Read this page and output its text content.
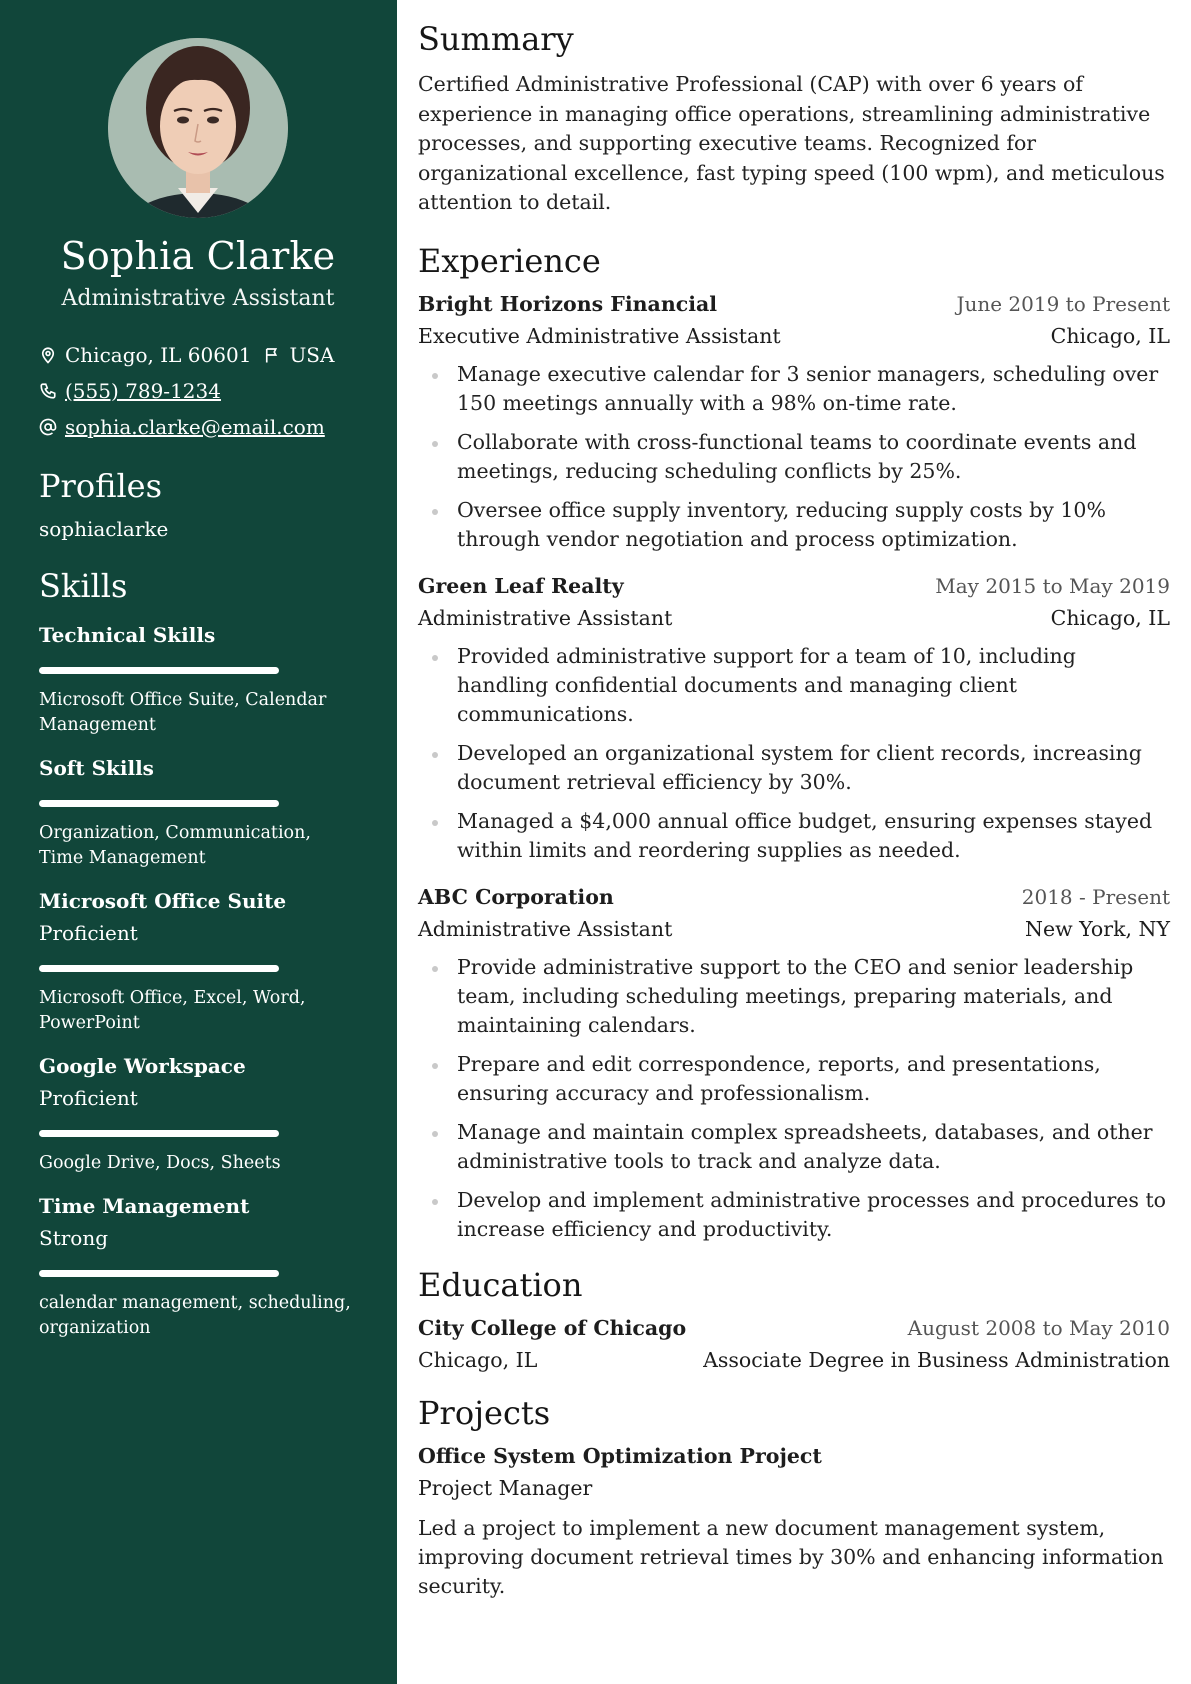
Sophia Clarke
Administrative Assistant
Chicago, IL 60601 USA
(555) 789-1234
sophia.clarke@email.com
Profiles
sophiaclarke
Skills
Technical Skills
Microsoft Office Suite, Calendar Management
Soft Skills
Organization, Communication, Time Management
Microsoft Office Suite
Proficient
Microsoft Office, Excel, Word, PowerPoint
Google Workspace
Proficient
Google Drive, Docs, Sheets
Time Management
Strong
calendar management, scheduling, organization
Summary

Certified Administrative Professional (CAP) with over 6 years of experience in managing office operations, streamlining administrative processes, and supporting executive teams. Recognized for organizational excellence, fast typing speed (100 wpm), and meticulous attention to detail.

Experience
Bright Horizons Financial	June 2019 to Present
Executive Administrative Assistant	Chicago, IL
Manage executive calendar for 3 senior managers, scheduling over 150 meetings annually with a 98% on-time rate.
Collaborate with cross-functional teams to coordinate events and meetings, reducing scheduling conflicts by 25%.
Oversee office supply inventory, reducing supply costs by 10% through vendor negotiation and process optimization.
Green Leaf Realty	May 2015 to May 2019
Administrative Assistant	Chicago, IL
Provided administrative support for a team of 10, including handling confidential documents and managing client communications.
Developed an organizational system for client records, increasing document retrieval efficiency by 30%.
Managed a $4,000 annual office budget, ensuring expenses stayed within limits and reordering supplies as needed.
ABC Corporation	2018 - Present
Administrative Assistant	New York, NY
Provide administrative support to the CEO and senior leadership team, including scheduling meetings, preparing materials, and maintaining calendars.
Prepare and edit correspondence, reports, and presentations, ensuring accuracy and professionalism.
Manage and maintain complex spreadsheets, databases, and other administrative tools to track and analyze data.
Develop and implement administrative processes and procedures to increase efficiency and productivity.
Education
City College of Chicago	August 2008 to May 2010
Chicago, IL	Associate Degree in Business Administration
Projects
Office System Optimization Project
Project Manager

Led a project to implement a new document management system, improving document retrieval times by 30% and enhancing information security.
